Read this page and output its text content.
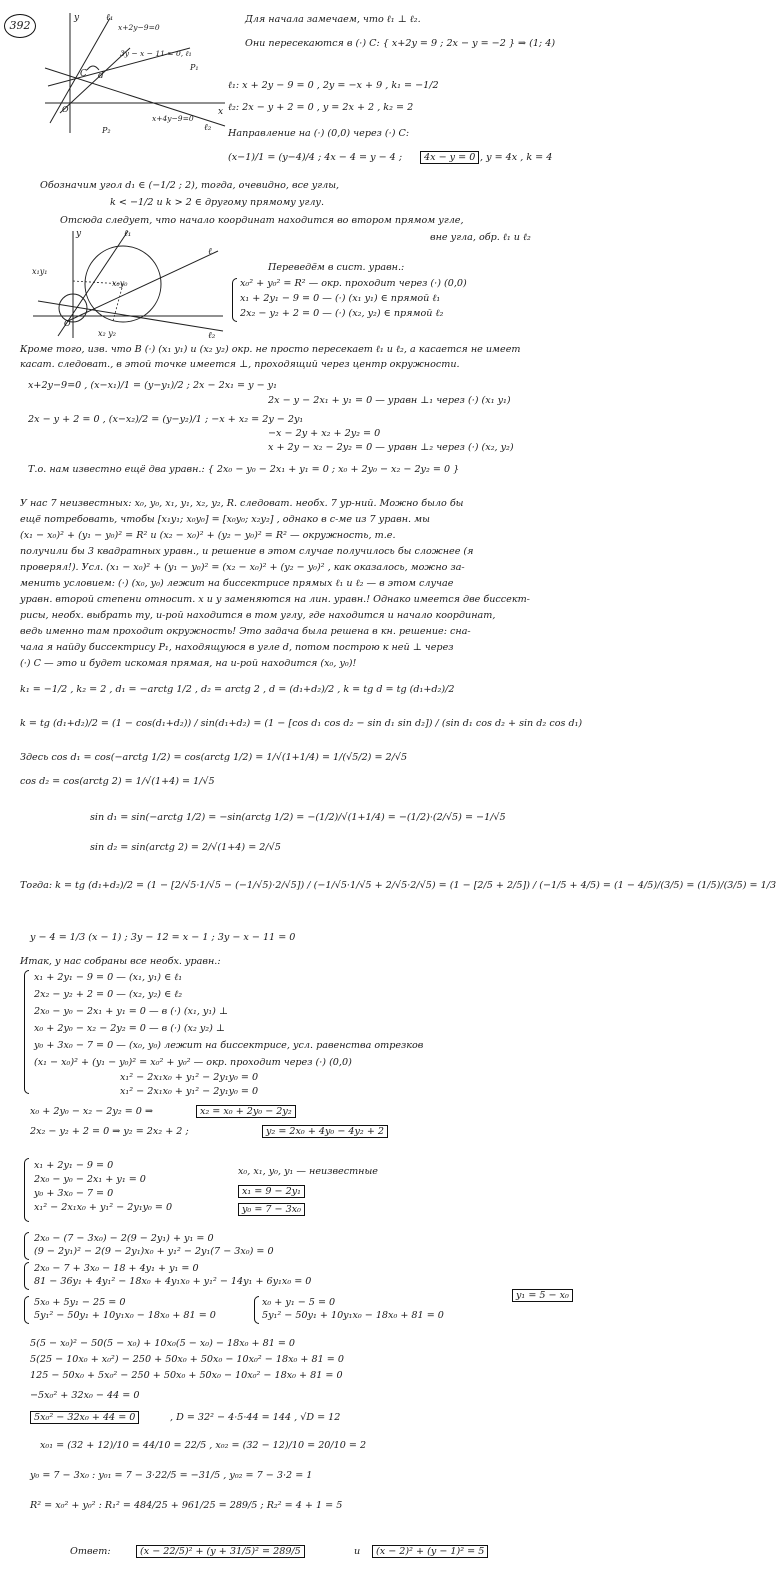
392	Для начала замечаем, что ℓ₁ ⊥ ℓ₂.
Они пересекаются в (·) C: { x+2y = 9 ; 2x − y = −2 } ⇒ (1; 4)
y
x
ℓ₁
x+2y−9=0
3y − x − 11 = 0, ℓ₁
P₁
x+4y−9=0
ℓ₂
C d
O
P₂
ℓ₁: x + 2y − 9 = 0 , 2y = −x + 9 , k₁ = −1/2
ℓ₂: 2x − y + 2 = 0 , y = 2x + 2 , k₂ = 2
Направление на (·) (0,0) через (·) C:
(x−1)/1 = (y−4)/4 ; 4x − 4 = y − 4 ;	4x − y = 0 , y = 4x , k = 4
Обозначим угол d₁ ∈ (−1/2 ; 2), тогда, очевидно, все углы,
k < −1/2 и k > 2 ∈ другому прямому углу.
Отсюда следует, что начало координат находится во втором прямом угле,
вне угла, обр. ℓ₁ и ℓ₂
y	ℓ₁
ℓ
x₁y₁
x₀y₀
x₂ y₂	ℓ₂
O
Переведём в сист. уравн.:
x₀² + y₀² = R² — окр. проходит через (·) (0,0)
x₁ + 2y₁ − 9 = 0 — (·) (x₁ y₁) ∈ прямой ℓ₁
2x₂ − y₂ + 2 = 0 — (·) (x₂, y₂) ∈ прямой ℓ₂
Кроме того, изв. что B (·) (x₁ y₁) и (x₂ y₂) окр. не просто пересекает ℓ₁ и ℓ₂, а касается не имеет
касат. следоват., в этой точке имеется ⊥, проходящий через центр окружности.
x+2y−9=0 , (x−x₁)/1 = (y−y₁)/2 ; 2x − 2x₁ = y − y₁
2x − y − 2x₁ + y₁ = 0 — уравн ⊥₁ через (·) (x₁ y₁)
2x − y + 2 = 0 , (x−x₂)/2 = (y−y₂)/1 ; −x + x₂ = 2y − 2y₁
−x − 2y + x₂ + 2y₂ = 0
x + 2y − x₂ − 2y₂ = 0 — уравн ⊥₂ через (·) (x₂, y₂)
Т.о. нам известно ещё два уравн.: { 2x₀ − y₀ − 2x₁ + y₁ = 0 ; x₀ + 2y₀ − x₂ − 2y₂ = 0 }
У нас 7 неизвестных: x₀, y₀, x₁, y₁, x₂, y₂, R. следоват. необх. 7 ур-ний. Можно было бы
ещё потребовать, чтобы [x₁y₁; x₀y₀] = [x₀y₀; x₂y₂] , однако в с-ме из 7 уравн. мы
(x₁ − x₀)² + (y₁ − y₀)² = R² и (x₂ − x₀)² + (y₂ − y₀)² = R² — окружность, т.е.
получили бы 3 квадратных уравн., и решение в этом случае получилось бы сложнее (я
проверял!). Усл. (x₁ − x₀)² + (y₁ − y₀)² = (x₂ − x₀)² + (y₂ − y₀)² , как оказалось, можно за-
менить условием: (·) (x₀, y₀) лежит на биссектрисе прямых ℓ₁ и ℓ₂ — в этом случае
уравн. второй степени относит. x и y заменяются на лин. уравн.! Однако имеется две биссект-
рисы, необх. выбрать ту, и-рой находится в том углу, где находится и начало координат,
ведь именно там проходит окружность! Это задача была решена в кн. решение: сна-
чала я найду биссектрису P₁, находящуюся в угле d, потом построю к ней ⊥ через
(·) C — это и будет искомая прямая, на и-рой находится (x₀, y₀)!
k₁ = −1/2 , k₂ = 2 , d₁ = −arctg 1/2 , d₂ = arctg 2 , d = (d₁+d₂)/2 , k = tg d = tg (d₁+d₂)/2
k = tg (d₁+d₂)/2 = (1 − cos(d₁+d₂)) / sin(d₁+d₂) = (1 − [cos d₁ cos d₂ − sin d₁ sin d₂]) / (sin d₁ cos d₂ + sin d₂ cos d₁)
Здесь cos d₁ = cos(−arctg 1/2) = cos(arctg 1/2) = 1/√(1+1/4) = 1/(√5/2) = 2/√5
cos d₂ = cos(arctg 2) = 1/√(1+4) = 1/√5
sin d₁ = sin(−arctg 1/2) = −sin(arctg 1/2) = −(1/2)/√(1+1/4) = −(1/2)·(2/√5) = −1/√5
sin d₂ = sin(arctg 2) = 2/√(1+4) = 2/√5
Тогда: k = tg (d₁+d₂)/2 = (1 − [2/√5·1/√5 − (−1/√5)·2/√5]) / (−1/√5·1/√5 + 2/√5·2/√5) = (1 − [2/5 + 2/5]) / (−1/5 + 4/5) = (1 − 4/5)/(3/5) = (1/5)/(3/5) = 1/3
y − 4 = 1/3 (x − 1) ; 3y − 12 = x − 1 ; 3y − x − 11 = 0
Итак, у нас собраны все необх. уравн.:
x₁ + 2y₁ − 9 = 0 — (x₁, y₁) ∈ ℓ₁
2x₂ − y₂ + 2 = 0 — (x₂, y₂) ∈ ℓ₂
2x₀ − y₀ − 2x₁ + y₁ = 0 — в (·) (x₁, y₁) ⊥
x₀ + 2y₀ − x₂ − 2y₂ = 0 — в (·) (x₂ y₂) ⊥
y₀ + 3x₀ − 7 = 0 — (x₀, y₀) лежит на биссектрисе, усл. равенства отрезков
(x₁ − x₀)² + (y₁ − y₀)² = x₀² + y₀² — окр. проходит через (·) (0,0)
x₁² − 2x₁x₀ + y₁² − 2y₁y₀ = 0
x₁² − 2x₁x₀ + y₁² − 2y₁y₀ = 0
x₀ + 2y₀ − x₂ − 2y₂ = 0 ⇒	x₂ = x₀ + 2y₀ − 2y₂
2x₂ − y₂ + 2 = 0 ⇒ y₂ = 2x₂ + 2 ;	y₂ = 2x₀ + 4y₀ − 4y₂ + 2
x₁ + 2y₁ − 9 = 0
2x₀ − y₀ − 2x₁ + y₁ = 0
y₀ + 3x₀ − 7 = 0
x₁² − 2x₁x₀ + y₁² − 2y₁y₀ = 0
x₀, x₁, y₀, y₁ — неизвестные
x₁ = 9 − 2y₁
y₀ = 7 − 3x₀
2x₀ − (7 − 3x₀) − 2(9 − 2y₁) + y₁ = 0
(9 − 2y₁)² − 2(9 − 2y₁)x₀ + y₁² − 2y₁(7 − 3x₀) = 0
2x₀ − 7 + 3x₀ − 18 + 4y₁ + y₁ = 0
81 − 36y₁ + 4y₁² − 18x₀ + 4y₁x₀ + y₁² − 14y₁ + 6y₁x₀ = 0
5x₀ + 5y₁ − 25 = 0
5y₁² − 50y₁ + 10y₁x₀ − 18x₀ + 81 = 0
x₀ + y₁ − 5 = 0
5y₁² − 50y₁ + 10y₁x₀ − 18x₀ + 81 = 0
y₁ = 5 − x₀
5(5 − x₀)² − 50(5 − x₀) + 10x₀(5 − x₀) − 18x₀ + 81 = 0
5(25 − 10x₀ + x₀²) − 250 + 50x₀ + 50x₀ − 10x₀² − 18x₀ + 81 = 0
125 − 50x₀ + 5x₀² − 250 + 50x₀ + 50x₀ − 10x₀² − 18x₀ + 81 = 0
−5x₀² + 32x₀ − 44 = 0
5x₀² − 32x₀ + 44 = 0	, D = 32² − 4·5·44 = 144 , √D = 12
x₀₁ = (32 + 12)/10 = 44/10 = 22/5 , x₀₂ = (32 − 12)/10 = 20/10 = 2
y₀ = 7 − 3x₀ : y₀₁ = 7 − 3·22/5 = −31/5 , y₀₂ = 7 − 3·2 = 1
R² = x₀² + y₀² : R₁² = 484/25 + 961/25 = 289/5 ; R₂² = 4 + 1 = 5
Ответ:	(x − 22/5)² + (y + 31/5)² = 289/5	и	(x − 2)² + (y − 1)² = 5
